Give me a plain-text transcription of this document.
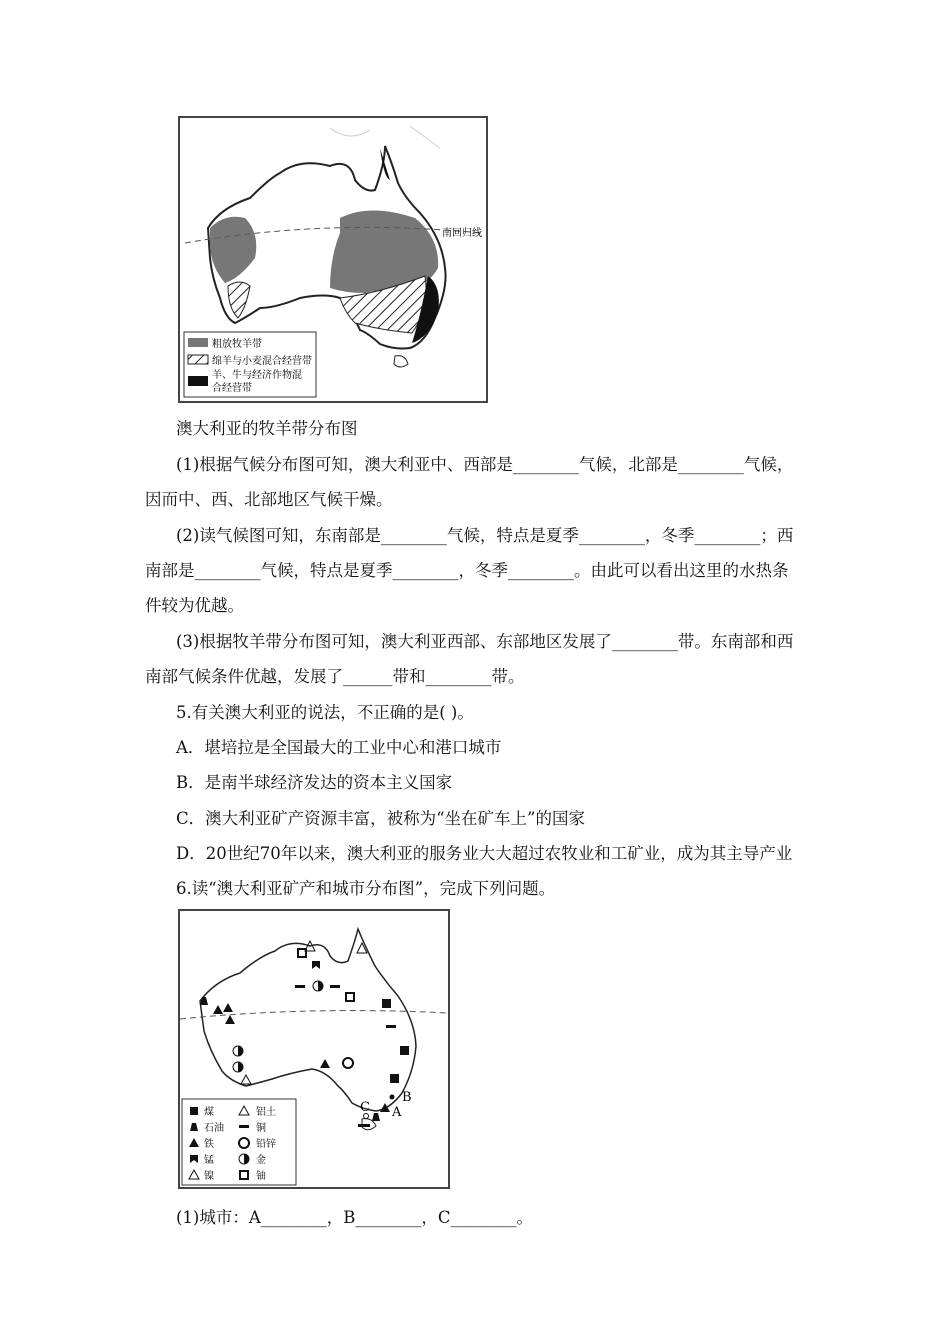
南回归线
粗放牧羊带
绵羊与小麦混合经营带
羊、牛与经济作物混
合经营带
澳大利亚的牧羊带分布图
(1)根据气候分布图可知，澳大利亚中、西部是________气候，北部是________气候，
因而中、西、北部地区气候干燥。
(2)读气候图可知，东南部是________气候，特点是夏季________，冬季________；西
南部是________气候，特点是夏季________，冬季________。由此可以看出这里的水热条
件较为优越。
(3)根据牧羊带分布图可知，澳大利亚西部、东部地区发展了________带。东南部和西
南部气候条件优越，发展了______带和________带。
5.有关澳大利亚的说法，不正确的是( )。
A．堪培拉是全国最大的工业中心和港口城市
B．是南半球经济发达的资本主义国家
C．澳大利亚矿产资源丰富，被称为“坐在矿车上”的国家
D．20世纪70年以来，澳大利亚的服务业大大超过农牧业和工矿业，成为其主导产业
6.读“澳大利亚矿产和城市分布图”，完成下列问题。
B
A
C
煤	铝土
石油	铜
铁	铅锌
锰	金
镍	铀
(1)城市：A________，B________，C________。
